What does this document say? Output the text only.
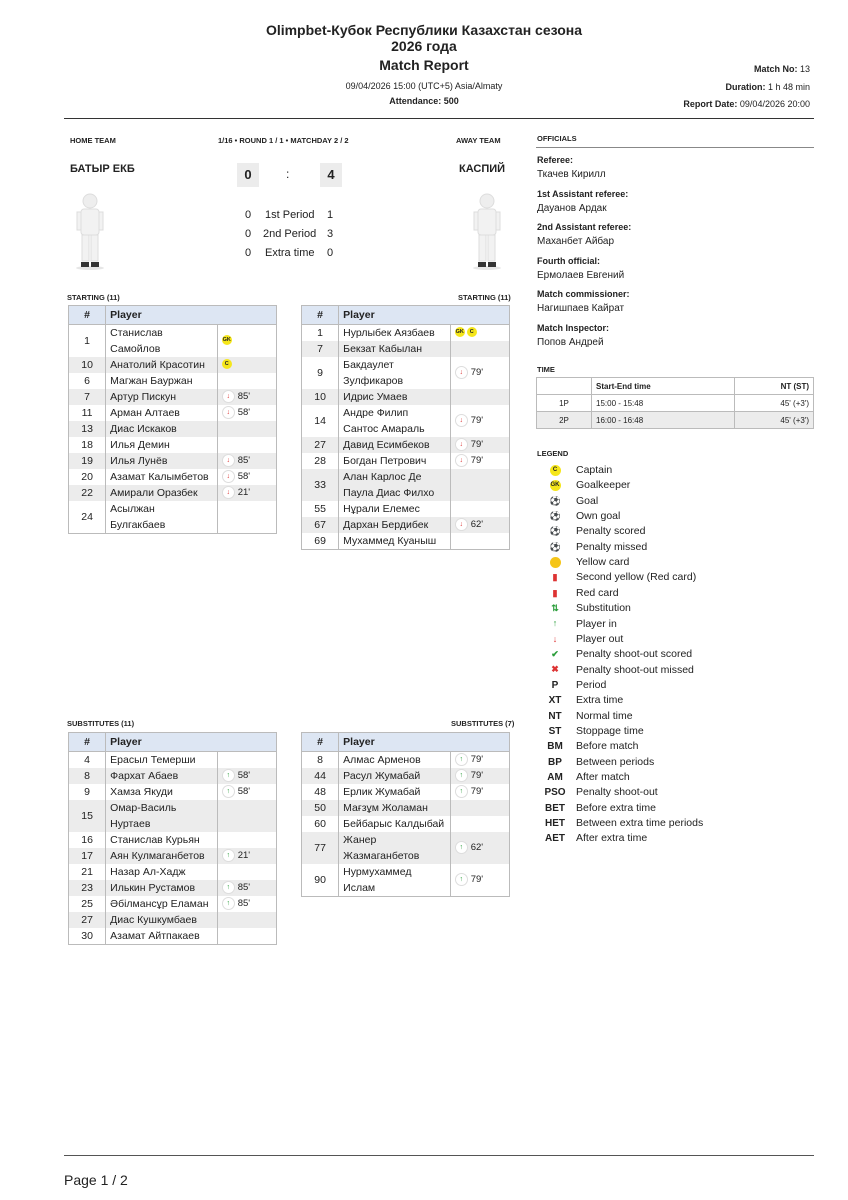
Olimpbet-Кубок Республики Казахстан сезона
2026 года
Match Report
09/04/2026 15:00 (UTC+5) Asia/Almaty
Attendance: 500
Match No: 13
Duration: 1 h 48 min
Report Date: 09/04/2026 20:00
HOME TEAM	1/16 • ROUND 1 / 1 • MATCHDAY 2 / 2	AWAY TEAM
БАТЫР ЕКБ	КАСПИЙ
0	:	4
0 1st Period 1
0 2nd Period 3
0 Extra time 0
STARTING (11)	STARTING (11)
SUBSTITUTES (11)	SUBSTITUTES (7)
#	Player	
1	Станислав Самойлов	GK
10	Анатолий Красотин	C
6	Магжан Бауржан	
7	Артур Пискун	↓ 85'
11	Арман Алтаев	↓ 58'
13	Диас Искаков	
18	Илья Демин	
19	Илья Лунёв	↓ 85'
20	Азамат Калымбетов	↓ 58'
22	Амирали Оразбек	↓ 21'
24	Асылжан Булгакбаев	
#	Player	
1	Нурлыбек Аязбаев	GK C
7	Бекзат Кабылан	
9	Бакдаулет Зулфикаров	↓ 79'
10	Идрис Умаев	
14	Андре Филип Сантос Амараль	↓ 79'
27	Давид Есимбеков	↓ 79'
28	Богдан Петрович	↓ 79'
33	Алан Карлос Де Паула Диас Филхо	
55	Нұрали Елемес	
67	Дархан Бердибек	↓ 62'
69	Мухаммед Куаныш	
#	Player	
4	Ерасыл Темерши	
8	Фархат Абаев	↑ 58'
9	Хамза Якуди	↑ 58'
15	Омар-Василь Нуртаев	
16	Станислав Курьян	
17	Аян Кулмаганбетов	↑ 21'
21	Назар Ал-Хадж	
23	Илькин Рустамов	↑ 85'
25	Әбілмансұр Еламан	↑ 85'
27	Диас Кушкумбаев	
30	Азамат Айтпакаев	
#	Player	
8	Алмас Арменов	↑ 79'
44	Расул Жумабай	↑ 79'
48	Ерлик Жумабай	↑ 79'
50	Мағзұм Жоламан	
60	Бейбарыс Калдыбай	
77	Жанер Жазмаганбетов	↑ 62'
90	Нурмухаммед Ислам	↑ 79'
OFFICIALS
Referee:
Ткачев Кирилл
1st Assistant referee:
Дауанов Ардак
2nd Assistant referee:
Маханбет Айбар
Fourth official:
Ермолаев Евгений
Match commissioner:
Нагишпаев Кайрат
Match Inspector:
Попов Андрей
TIME
	Start-End time	NT (ST)
1P	15:00 - 15:48	45' (+3')
2P	16:00 - 16:48	45' (+3')
LEGEND
C Captain
GK Goalkeeper
⚽ Goal
⚽ Own goal
⚽ Penalty scored
⚽ Penalty missed
▮ Yellow card
▮ Second yellow (Red card)
▮ Red card
⇅ Substitution
↑ Player in
↓ Player out
✔ Penalty shoot-out scored
✖ Penalty shoot-out missed
P Period
XT Extra time
NT Normal time
ST Stoppage time
BM Before match
BP Between periods
AM After match
PSO Penalty shoot-out
BET Before extra time
HET Between extra time periods
AET After extra time
Page 1 / 2
